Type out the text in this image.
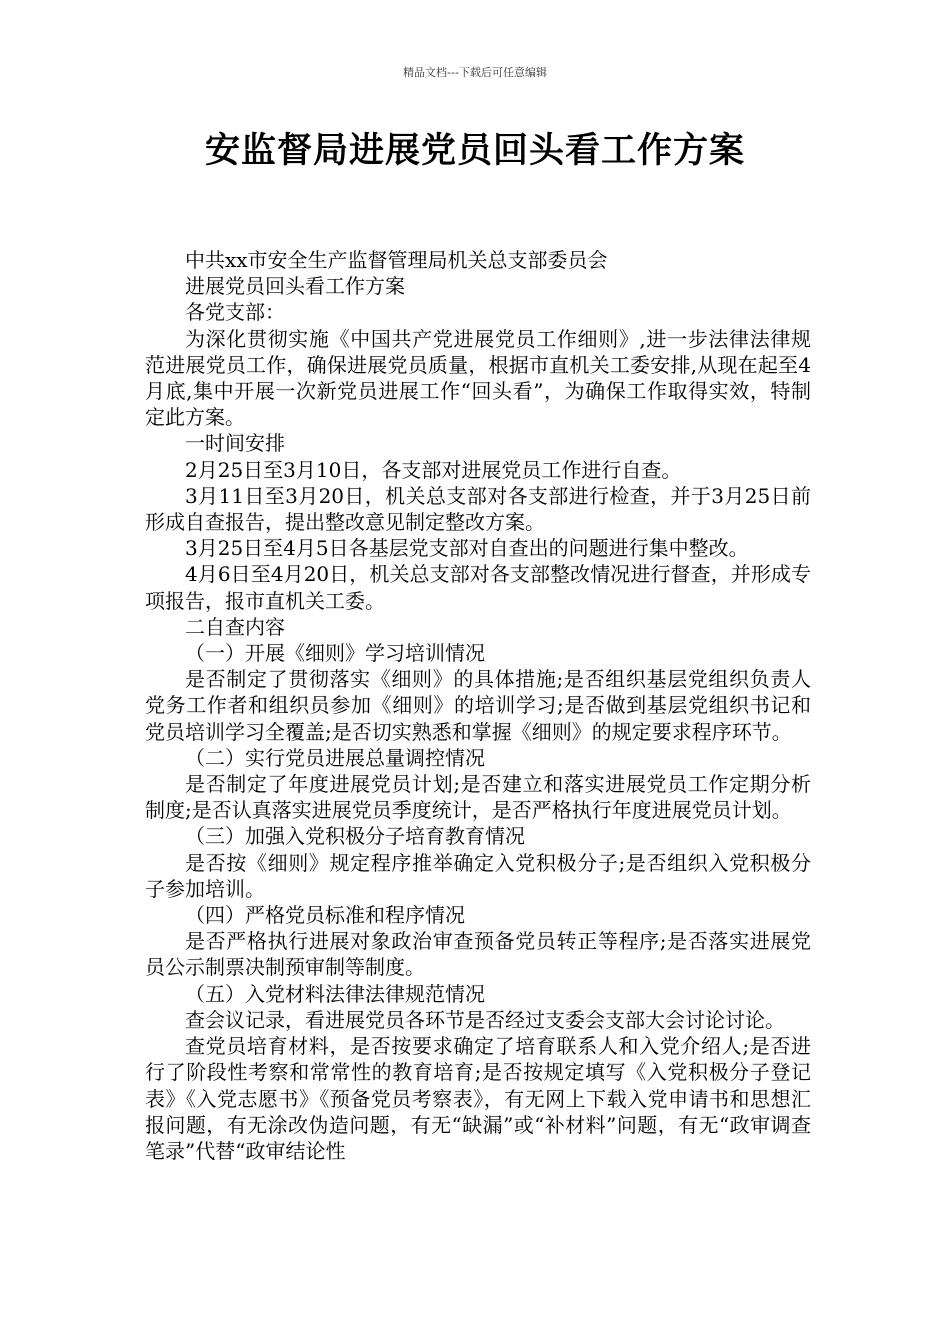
精品文档---下载后可任意编辑
安监督局进展党员回头看工作方案

中共xx市安全生产监督管理局机关总支部委员会

进展党员回头看工作方案

各党支部：

为深化贯彻实施《中国共产党进展党员工作细则》,进一步法律法律规范进展党员工作，确保进展党员质量，根据市直机关工委安排,从现在起至4月底,集中开展一次新党员进展工作“回头看”，为确保工作取得实效，特制定此方案。

一时间安排

2月25日至3月10日，各支部对进展党员工作进行自查。

3月11日至3月20日，机关总支部对各支部进行检查，并于3月25日前形成自查报告，提出整改意见制定整改方案。

3月25日至4月5日各基层党支部对自查出的问题进行集中整改。

4月6日至4月20日，机关总支部对各支部整改情况进行督查，并形成专项报告，报市直机关工委。

二自查内容

（一）开展《细则》学习培训情况

是否制定了贯彻落实《细则》的具体措施;是否组织基层党组织负责人党务工作者和组织员参加《细则》的培训学习;是否做到基层党组织书记和党员培训学习全覆盖;是否切实熟悉和掌握《细则》的规定要求程序环节。

（二）实行党员进展总量调控情况

是否制定了年度进展党员计划;是否建立和落实进展党员工作定期分析制度;是否认真落实进展党员季度统计，是否严格执行年度进展党员计划。

（三）加强入党积极分子培育教育情况

是否按《细则》规定程序推举确定入党积极分子;是否组织入党积极分子参加培训。

（四）严格党员标准和程序情况

是否严格执行进展对象政治审查预备党员转正等程序;是否落实进展党员公示制票决制预审制等制度。

（五）入党材料法律法律规范情况

查会议记录，看进展党员各环节是否经过支委会支部大会讨论讨论。

查党员培育材料，是否按要求确定了培育联系人和入党介绍人;是否进行了阶段性考察和常常性的教育培育;是否按规定填写《入党积极分子登记表》《入党志愿书》《预备党员考察表》，有无网上下载入党申请书和思想汇报问题，有无涂改伪造问题，有无“缺漏”或“补材料”问题，有无“政审调查笔录”代替“政审结论性
